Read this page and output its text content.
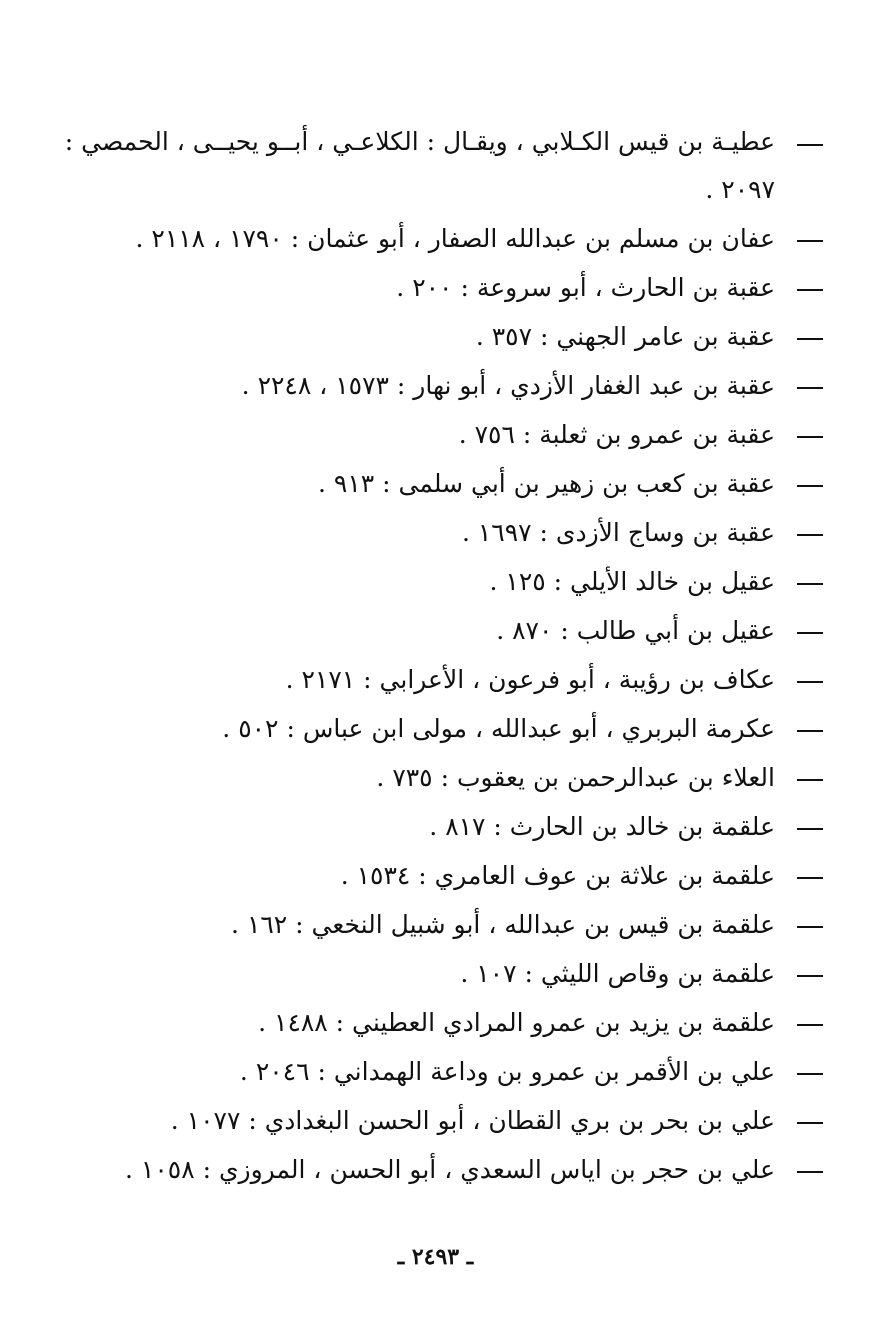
عطيـة بن قيس الكـلابي ، ويقـال : الكلاعـي ، أبــو يحيــى ، الحمصي : ٢٠٩٧ .
عفان بن مسلم بن عبدالله الصفار ، أبو عثمان : ١٧٩٠ ، ٢١١٨ .
عقبة بن الحارث ، أبو سروعة : ٢٠٠ .
عقبة بن عامر الجهني : ٣٥٧ .
عقبة بن عبد الغفار الأزدي ، أبو نهار : ١٥٧٣ ، ٢٢٤٨ .
عقبة بن عمرو بن ثعلبة : ٧٥٦ .
عقبة بن كعب بن زهير بن أبي سلمى : ٩١٣ .
عقبة بن وساج الأزدى : ١٦٩٧ .
عقيل بن خالد الأيلي : ١٢٥ .
عقيل بن أبي طالب : ٨٧٠ .
عكاف بن رؤيبة ، أبو فرعون ، الأعرابي : ٢١٧١ .
عكرمة البربري ، أبو عبدالله ، مولى ابن عباس : ٥٠٢ .
العلاء بن عبدالرحمن بن يعقوب : ٧٣٥ .
علقمة بن خالد بن الحارث : ٨١٧ .
علقمة بن علاثة بن عوف العامري : ١٥٣٤ .
علقمة بن قيس بن عبدالله ، أبو شبيل النخعي : ١٦٢ .
علقمة بن وقاص الليثي : ١٠٧ .
علقمة بن يزيد بن عمرو المرادي العطيني : ١٤٨٨ .
علي بن الأقمر بن عمرو بن وداعة الهمداني : ٢٠٤٦ .
علي بن بحر بن بري القطان ، أبو الحسن البغدادي : ١٠٧٧ .
علي بن حجر بن اياس السعدي ، أبو الحسن ، المروزي : ١٠٥٨ .
ـ ٢٤٩٣ ـ
